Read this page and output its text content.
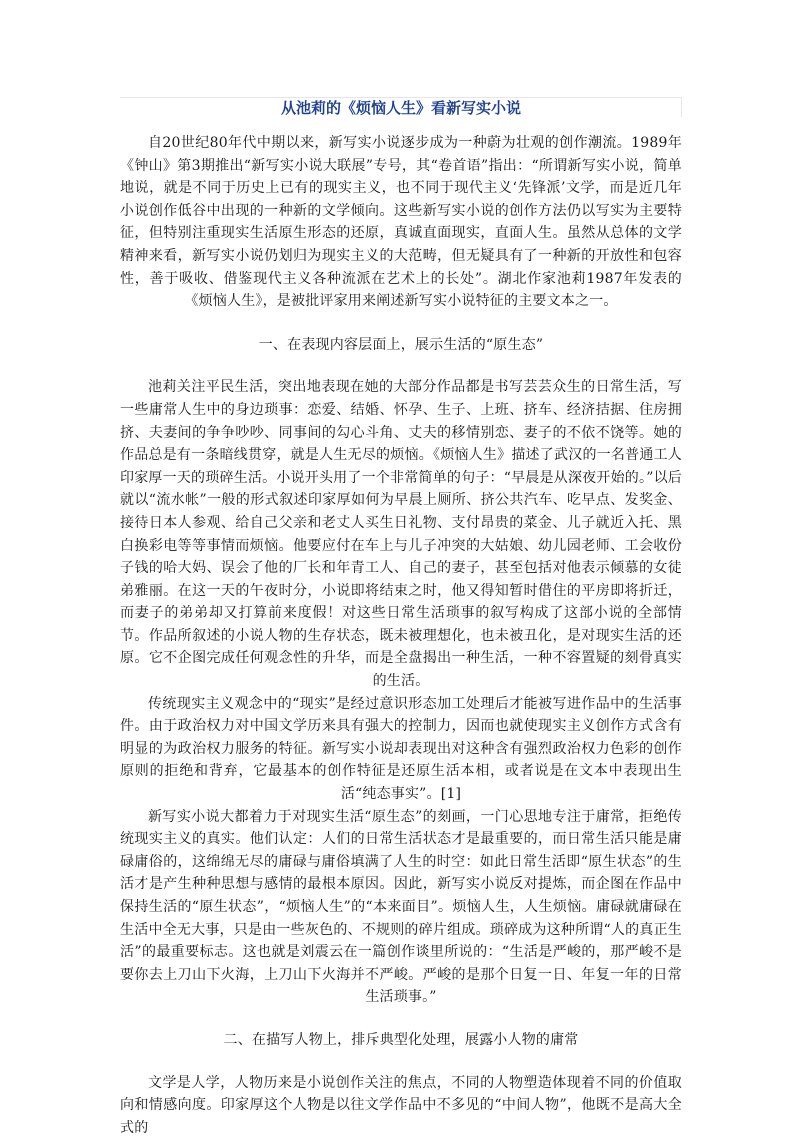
从池莉的《烦恼人生》看新写实小说

自20世纪80年代中期以来，新写实小说逐步成为一种蔚为壮观的创作潮流。1989年《钟山》第3期推出“新写实小说大联展”专号，其“卷首语”指出：“所谓新写实小说，简单地说，就是不同于历史上已有的现实主义，也不同于现代主义‘先锋派’文学，而是近几年小说创作低谷中出现的一种新的文学倾向。这些新写实小说的创作方法仍以写实为主要特征，但特别注重现实生活原生形态的还原，真诚直面现实，直面人生。虽然从总体的文学精神来看，新写实小说仍划归为现实主义的大范畴，但无疑具有了一种新的开放性和包容性，善于吸收、借鉴现代主义各种流派在艺术上的长处”。湖北作家池莉1987年发表的《烦恼人生》，是被批评家用来阐述新写实小说特征的主要文本之一。

一、在表现内容层面上，展示生活的“原生态”

池莉关注平民生活，突出地表现在她的大部分作品都是书写芸芸众生的日常生活，写一些庸常人生中的身边琐事：恋爱、结婚、怀孕、生子、上班、挤车、经济拮据、住房拥挤、夫妻间的争争吵吵、同事间的勾心斗角、丈夫的移情别恋、妻子的不依不饶等。她的作品总是有一条暗线贯穿，就是人生无尽的烦恼。《烦恼人生》描述了武汉的一名普通工人印家厚一天的琐碎生活。小说开头用了一个非常简单的句子：“早晨是从深夜开始的。”以后就以“流水帐”一般的形式叙述印家厚如何为早晨上厕所、挤公共汽车、吃早点、发奖金、接待日本人参观、给自己父亲和老丈人买生日礼物、支付昂贵的菜金、儿子就近入托、黑白换彩电等等事情而烦恼。他要应付在车上与儿子冲突的大姑娘、幼儿园老师、工会收份子钱的哈大妈、误会了他的厂长和年青工人、自己的妻子，甚至包括对他表示倾慕的女徒弟雅丽。在这一天的午夜时分，小说即将结束之时，他又得知暂时借住的平房即将折迁，而妻子的弟弟却又打算前来度假！对这些日常生活琐事的叙写构成了这部小说的全部情节。作品所叙述的小说人物的生存状态，既未被理想化，也未被丑化，是对现实生活的还原。它不企图完成任何观念性的升华，而是全盘揭出一种生活，一种不容置疑的刻骨真实的生活。

传统现实主义观念中的“现实”是经过意识形态加工处理后才能被写进作品中的生活事件。由于政治权力对中国文学历来具有强大的控制力，因而也就使现实主义创作方式含有明显的为政治权力服务的特征。新写实小说却表现出对这种含有强烈政治权力色彩的创作原则的拒绝和背弃，它最基本的创作特征是还原生活本相，或者说是在文本中表现出生活“纯态事实”。[1]

新写实小说大都着力于对现实生活“原生态”的刻画，一门心思地专注于庸常，拒绝传统现实主义的真实。他们认定：人们的日常生活状态才是最重要的，而日常生活只能是庸碌庸俗的，这绵绵无尽的庸碌与庸俗填满了人生的时空：如此日常生活即“原生状态”的生活才是产生种种思想与感情的最根本原因。因此，新写实小说反对提炼，而企图在作品中保持生活的“原生状态”，“烦恼人生”的“本来面目”。烦恼人生，人生烦恼。庸碌就庸碌在生活中全无大事，只是由一些灰色的、不规则的碎片组成。琐碎成为这种所谓“人的真正生活”的最重要标志。这也就是刘震云在一篇创作谈里所说的：“生活是严峻的，那严峻不是要你去上刀山下火海，上刀山下火海并不严峻。严峻的是那个日复一日、年复一年的日常生活琐事。”

二、在描写人物上，排斥典型化处理，展露小人物的庸常

文学是人学，人物历来是小说创作关注的焦点，不同的人物塑造体现着不同的价值取向和情感向度。印家厚这个人物是以往文学作品中不多见的“中间人物”，他既不是高大全式的
